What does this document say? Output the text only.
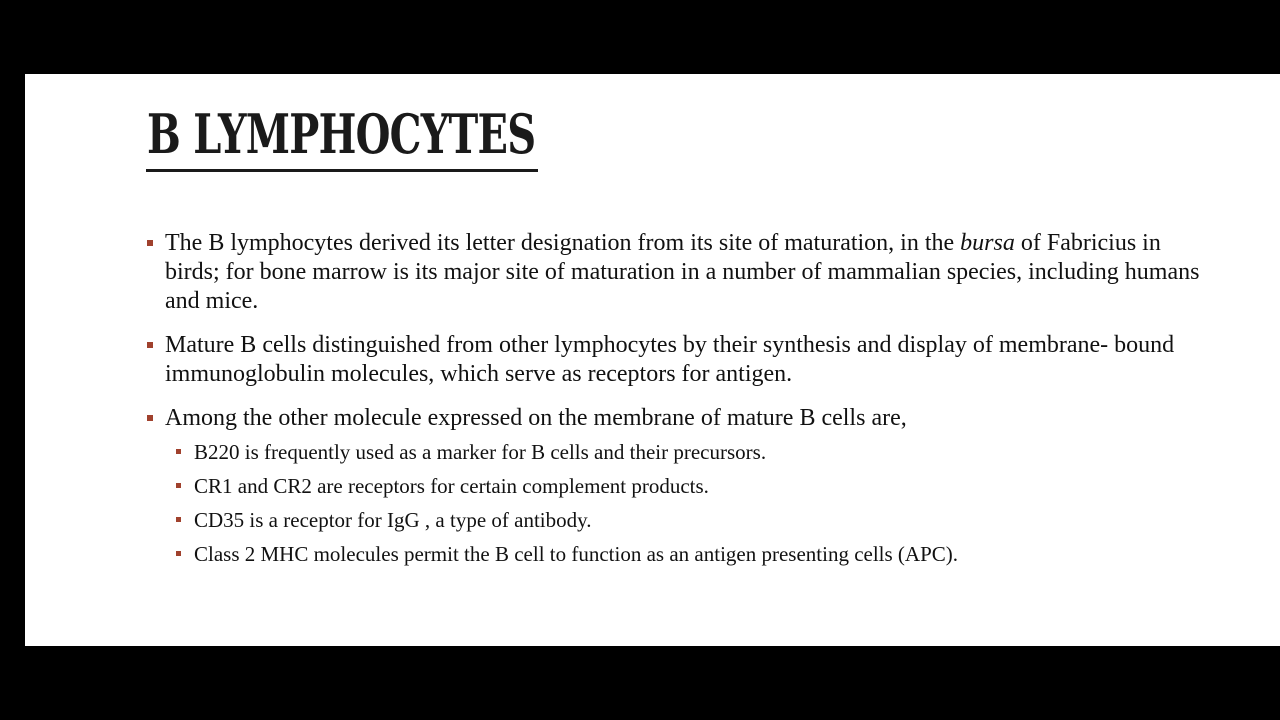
B LYMPHOCYTES
The B lymphocytes derived its letter designation from its site of maturation, in the bursa of Fabricius in birds; for bone marrow is its major site of maturation in a number of mammalian species, including humans and mice.
Mature B cells distinguished from other lymphocytes by their synthesis and display of membrane- bound immunoglobulin molecules, which serve as receptors for antigen.
Among the other molecule expressed on the membrane of mature B cells are,
B220 is frequently used as a marker for B cells and their precursors.
CR1 and CR2 are receptors for certain complement products.
CD35 is a receptor for IgG , a type of antibody.
Class 2 MHC molecules permit the B cell to function as an antigen presenting cells (APC).
